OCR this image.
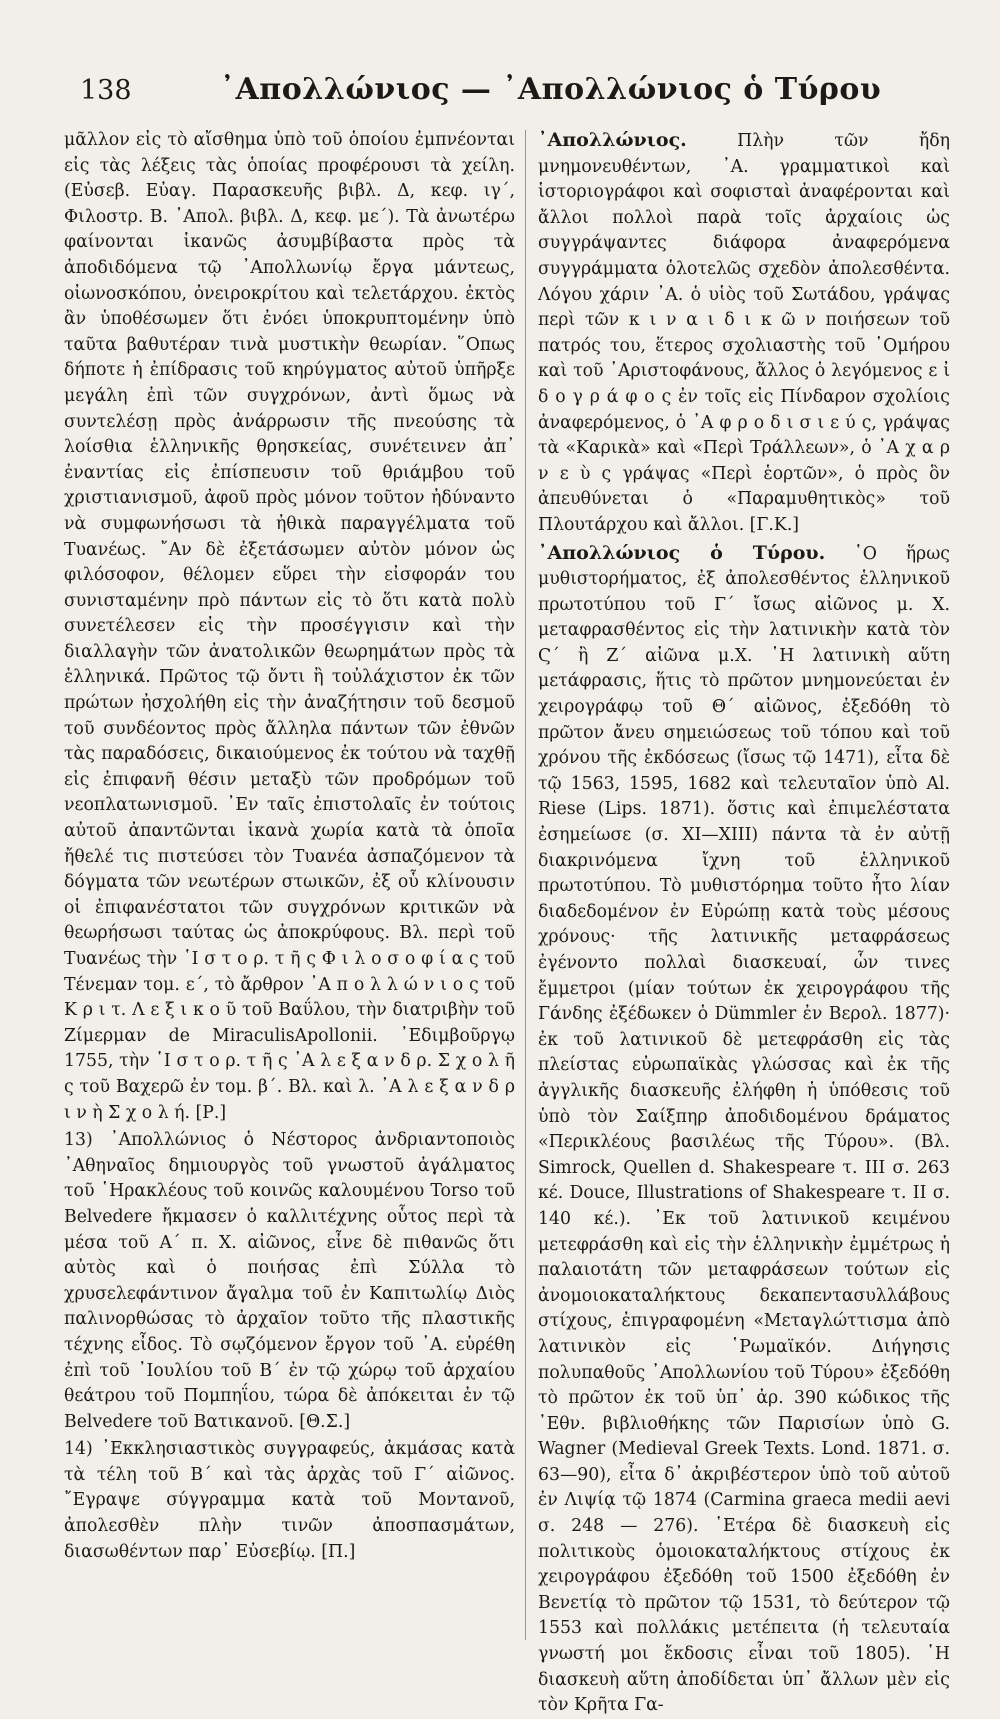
138	᾿Απολλώνιος — ᾿Απολλώνιος ὁ Τύρου

μᾶλλον εἰς τὸ αἴσθημα ὑπὸ τοῦ ὁποίου ἐμπνέονται εἰς τὰς λέξεις τὰς ὁποίας προφέρουσι τὰ χείλη. (Εὐσεβ. Εὐαγ. Παρασκευῆς βιβλ. Δ, κεφ. ιγ΄, Φιλοστρ. Β. ᾿Απολ. βιβλ. Δ, κεφ. με΄). Τὰ ἀνωτέρω φαίνονται ἱκανῶς ἀσυμβίβαστα πρὸς τὰ ἀποδιδόμενα τῷ ᾿Απολλωνίῳ ἔργα μάντεως, οἰωνοσκόπου, ὀνειροκρίτου καὶ τελετάρχου. ἐκτὸς ἂν ὑποθέσωμεν ὅτι ἐνόει ὑποκρυπτομένην ὑπὸ ταῦτα βαθυτέραν τινὰ μυστικὴν θεωρίαν. ῞Οπως δήποτε ἡ ἐπίδρασις τοῦ κηρύγματος αὐτοῦ ὑπῆρξε μεγάλη ἐπὶ τῶν συγχρόνων, ἀντὶ ὅμως νὰ συντελέσῃ πρὸς ἀνάρρωσιν τῆς πνεούσης τὰ λοίσθια ἑλληνικῆς θρησκείας, συνέτεινεν ἀπ᾿ ἐναντίας εἰς ἐπίσπευσιν τοῦ θριάμβου τοῦ χριστιανισμοῦ, ἀφοῦ πρὸς μόνον τοῦτον ἠδύναντο νὰ συμφωνήσωσι τὰ ἠθικὰ παραγγέλματα τοῦ Τυανέως. ῎Αν δὲ ἐξετάσωμεν αὐτὸν μόνον ὡς φιλόσοφον, θέλομεν εὕρει τὴν εἰσφοράν του συνισταμένην πρὸ πάντων εἰς τὸ ὅτι κατὰ πολὺ συνετέλεσεν εἰς τὴν προσέγγισιν καὶ τὴν διαλλαγὴν τῶν ἀνατολικῶν θεωρημάτων πρὸς τὰ ἑλληνικά. Πρῶτος τῷ ὄντι ἢ τοὐλάχιστον ἐκ τῶν πρώτων ἠσχολήθη εἰς τὴν ἀναζήτησιν τοῦ δεσμοῦ τοῦ συνδέοντος πρὸς ἄλληλα πάντων τῶν ἐθνῶν τὰς παραδόσεις, δικαιούμενος ἐκ τούτου νὰ ταχθῇ εἰς ἐπιφανῆ θέσιν μεταξὺ τῶν προδρόμων τοῦ νεοπλατωνισμοῦ. ᾿Εν ταῖς ἐπιστολαῖς ἐν τούτοις αὐτοῦ ἀπαντῶνται ἱκανὰ χωρία κατὰ τὰ ὁποῖα ἤθελέ τις πιστεύσει τὸν Τυανέα ἀσπαζόμενον τὰ δόγματα τῶν νεωτέρων στωικῶν, ἐξ οὗ κλίνουσιν οἱ ἐπιφανέστατοι τῶν συγχρόνων κριτικῶν νὰ θεωρήσωσι ταύτας ὡς ἀποκρύφους. Βλ. περὶ τοῦ Τυανέως τὴν ῾Ι σ τ ο ρ. τ ῆ ς Φ ι λ ο σ ο φ ί α ς τοῦ Τένεμαν τομ. ε΄, τὸ ἄρθρον ᾿Α π ο λ λ ώ ν ι ο ς τοῦ Κ ρ ι τ. Λ ε ξ ι κ ο ῦ τοῦ Βαΰλου, τὴν διατριβὴν τοῦ Ζίμερμαν de MiraculisApollonii. ᾿Εδιμβοῦργῳ 1755, τὴν ῾Ι σ τ ο ρ. τ ῆ ς ᾿Α λ ε ξ α ν δ ρ. Σ χ ο λ ῆ ς τοῦ Βαχερῶ ἐν τομ. β΄. Βλ. καὶ λ. ᾿Α λ ε ξ α ν δ ρ ι ν ὴ Σ χ ο λ ή. [Ρ.]

13) ᾿Απολλώνιος ὁ Νέστορος ἀνδριαντοποιὸς ᾿Αθηναῖος δημιουργὸς τοῦ γνωστοῦ ἀγάλματος τοῦ ῾Ηρακλέους τοῦ κοινῶς καλουμένου Torso τοῦ Belvedere ἤκμασεν ὁ καλλιτέχνης οὗτος περὶ τὰ μέσα τοῦ Α΄ π. Χ. αἰῶνος, εἶνε δὲ πιθανῶς ὅτι αὐτὸς καὶ ὁ ποιήσας ἐπὶ Σύλλα τὸ χρυσελεφάντινον ἄγαλμα τοῦ ἐν Καπιτωλίῳ Διὸς παλινορθώσας τὸ ἀρχαῖον τοῦτο τῆς πλαστικῆς τέχνης εἶδος. Τὸ σῳζόμενον ἔργον τοῦ ᾿Α. εὑρέθη ἐπὶ τοῦ ᾿Ιουλίου τοῦ Β΄ ἐν τῷ χώρῳ τοῦ ἀρχαίου θεάτρου τοῦ Πομπηΐου, τώρα δὲ ἀπόκειται ἐν τῷ Belvedere τοῦ Βατικανοῦ. [Θ.Σ.]

14) ᾿Εκκλησιαστικὸς συγγραφεύς, ἀκμάσας κατὰ τὰ τέλη τοῦ Β΄ καὶ τὰς ἀρχὰς τοῦ Γ΄ αἰῶνος. ῎Εγραψε σύγγραμμα κατὰ τοῦ Μοντανοῦ, ἀπολεσθὲν πλὴν τινῶν ἀποσπασμάτων, διασωθέντων παρ᾿ Εὐσεβίῳ. [Π.]

᾿Απολλώνιος.	Πλὴν τῶν ἤδη μνημονευθέντων, ᾿Α. γραμματικοὶ καὶ ἱστοριογράφοι καὶ σοφισταὶ ἀναφέρονται καὶ ἄλλοι πολλοὶ παρὰ τοῖς ἀρχαίοις ὡς συγγράψαντες διάφορα ἀναφερόμενα συγγράμματα ὁλοτελῶς σχεδὸν ἀπολεσθέντα. Λόγου χάριν ᾿Α. ὁ υἱὸς τοῦ Σωτάδου, γράψας περὶ τῶν κ ι ν α ι δ ι κ ῶ ν ποιήσεων τοῦ πατρός του, ἕτερος σχολιαστὴς τοῦ ῾Ομήρου καὶ τοῦ ᾿Αριστοφάνους, ἄλλος ὁ λεγόμενος ε ἰ δ ο γ ρ ά φ ο ς ἐν τοῖς εἰς Πίνδαρον σχολίοις ἀναφερόμενος, ὁ ᾿Α φ ρ ο δ ι σ ι ε ύ ς, γράψας τὰ «Καρικὰ» καὶ «Περὶ Τράλλεων», ὁ ᾿Α χ α ρ ν ε ὺ ς γράψας «Περὶ ἑορτῶν», ὁ πρὸς ὃν ἀπευθύνεται ὁ «Παραμυθητικὸς» τοῦ Πλουτάρχου καὶ ἄλλοι. [Γ.Κ.]

᾿Απολλώνιος ὁ Τύρου. ῾Ο ἥρως μυθιστορήματος, ἐξ ἀπολεσθέντος ἑλληνικοῦ πρωτοτύπου τοῦ Γ΄ ἴσως αἰῶνος μ. Χ. μεταφρασθέντος εἰς τὴν λατινικὴν κατὰ τὸν Ϛ΄ ἢ Ζ΄ αἰῶνα μ.Χ. ῾Η λατινικὴ αὕτη μετάφρασις, ἥτις τὸ πρῶτον μνημονεύεται ἐν χειρογράφῳ τοῦ Θ΄ αἰῶνος, ἐξεδόθη τὸ πρῶτον ἄνευ σημειώσεως τοῦ τόπου καὶ τοῦ χρόνου τῆς ἐκδόσεως (ἴσως τῷ 1471), εἶτα δὲ τῷ 1563, 1595, 1682 καὶ τελευταῖον ὑπὸ Al. Riese (Lips. 1871). ὅστις καὶ ἐπιμελέστατα ἐσημείωσε (σ. XI—XIII) πάντα τὰ ἐν αὐτῇ διακρινόμενα ἴχνη τοῦ ἑλληνικοῦ πρωτοτύπου. Τὸ μυθιστόρημα τοῦτο ἦτο λίαν διαδεδομένον ἐν Εὐρώπῃ κατὰ τοὺς μέσους χρόνους· τῆς λατινικῆς μεταφράσεως ἐγένοντο πολλαὶ διασκευαί, ὧν τινες ἔμμετροι (μίαν τούτων ἐκ χειρογράφου τῆς Γάνδης ἐξέδωκεν ὁ Dümmler ἐν Βερολ. 1877)· ἐκ τοῦ λατινικοῦ δὲ μετεφράσθη εἰς τὰς πλείστας εὐρωπαϊκὰς γλώσσας καὶ ἐκ τῆς ἀγγλικῆς διασκευῆς ἐλήφθη ἡ ὑπόθεσις τοῦ ὑπὸ τὸν Σαίξπηρ ἀποδιδομένου δράματος «Περικλέους βασιλέως τῆς Τύρου». (Βλ. Simrock, Quellen d. Shakespeare τ. III σ. 263 κέ. Douce, Illustrations of Shakespeare τ. II σ. 140 κέ.). ᾿Εκ τοῦ λατινικοῦ κειμένου μετεφράσθη καὶ εἰς τὴν ἑλληνικὴν ἐμμέτρως ἡ παλαιοτάτη τῶν μεταφράσεων τούτων εἰς ἀνομοιοκαταλήκτους δεκαπεντασυλλάβους στίχους, ἐπιγραφομένη «Μεταγλώττισμα ἀπὸ λατινικὸν εἰς ῾Ρωμαϊκόν. Διήγησις πολυπαθοῦς ᾿Απολλωνίου τοῦ Τύρου» ἐξεδόθη τὸ πρῶτον ἐκ τοῦ ὑπ᾿ ἀρ. 390 κώδικος τῆς ᾿Εθν. βιβλιοθήκης τῶν Παρισίων ὑπὸ G. Wagner (Medieval Greek Texts. Lond. 1871. σ. 63—90), εἶτα δ᾿ ἀκριβέστερον ὑπὸ τοῦ αὐτοῦ ἐν Λιψίᾳ τῷ 1874 (Carmina graeca medii aevi σ. 248 — 276). ῾Ετέρα δὲ διασκευὴ εἰς πολιτικοὺς ὁμοιοκαταλήκτους στίχους ἐκ χειρογράφου ἐξεδόθη τοῦ 1500 ἐξεδόθη ἐν Βενετίᾳ τὸ πρῶτον τῷ 1531, τὸ δεύτερον τῷ 1553 καὶ πολλάκις μετέπειτα (ἡ τελευταία γνωστή μοι ἔκδοσις εἶναι τοῦ 1805). ῾Η διασκευὴ αὕτη ἀποδίδεται ὑπ᾿ ἄλλων μὲν εἰς τὸν Κρῆτα Γα-
